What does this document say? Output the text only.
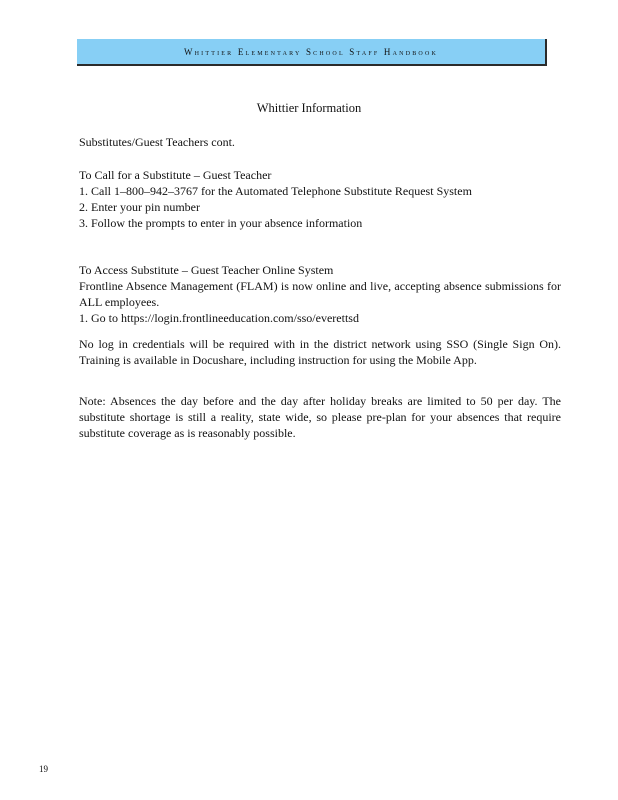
Whittier Elementary School Staff Handbook
Whittier Information
Substitutes/Guest Teachers cont.
To Call for a Substitute – Guest Teacher
1. Call 1–800–942–3767 for the Automated Telephone Substitute Request System
2. Enter your pin number
3. Follow the prompts to enter in your absence information
To Access Substitute – Guest Teacher Online System
Frontline Absence Management (FLAM) is now online and live, accepting absence submissions for ALL employees.
1. Go to https://login.frontlineeducation.com/sso/everettsd
No log in credentials will be required with in the district network using SSO (Single Sign On). Training is available in Docushare, including instruction for using the Mobile App.
Note: Absences the day before and the day after holiday breaks are limited to 50 per day. The substitute shortage is still a reality, state wide, so please pre-plan for your absences that require substitute coverage as is reasonably possible.
19
